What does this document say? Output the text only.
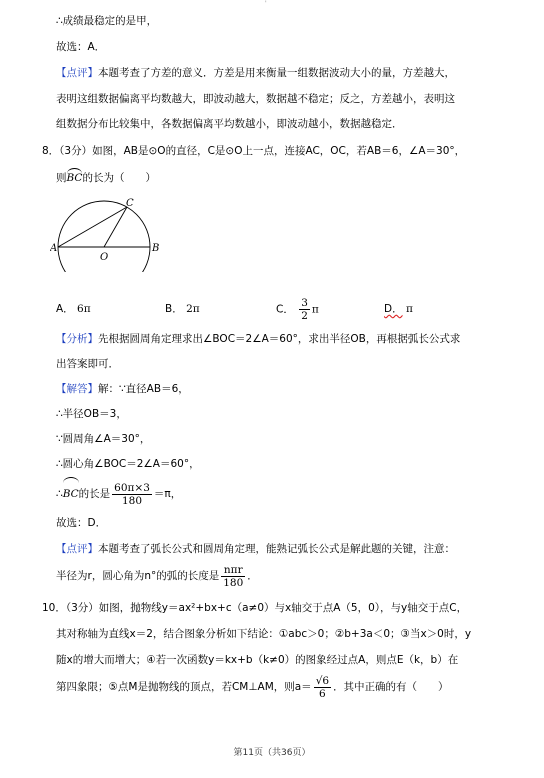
'
∴成绩最稳定的是甲，
故选：A．
【点评】本题考查了方差的意义．方差是用来衡量一组数据波动大小的量，方差越大，
表明这组数据偏离平均数越大，即波动越大，数据越不稳定；反之，方差越小，表明这
组数据分布比较集中，各数据偏离平均数越小，即波动越小，数据越稳定．
8．（3分）如图，AB是⊙O的直径，C是⊙O上一点，连接AC，OC，若AB＝6，∠A＝30°，
则BC的长为（　　）
A	B
C
O
A． 6π	B． 2π	C． $\frac{3}{2}$ π	D． π
【分析】先根据圆周角定理求出∠BOC＝2∠A＝60°，求出半径OB，再根据弧长公式求
出答案即可．
【解答】解：∵直径AB＝6，
∴半径OB＝3，
∵圆周角∠A＝30°，
∴圆心角∠BOC＝2∠A＝60°，
∴BC的长是 $\frac{60\pi\times 3}{180} =\pi$，
故选：D．
【点评】本题考查了弧长公式和圆周角定理，能熟记弧长公式是解此题的关键，注意：
半径为r，圆心角为n°的弧的长度是 $\frac{\text{nπr}}{180}$ ．
10．（3分）如图，抛物线y＝ax²+bx+c（a≠0）与x轴交于点A（5，0），与y轴交于点C，
其对称轴为直线x＝2，结合图象分析如下结论：①abc＞0；②b+3a＜0；③当x＞0时，y
随x的增大而增大；④若一次函数y＝kx+b（k≠0）的图象经过点A，则点E（k，b）在
第四象限；⑤点M是抛物线的顶点，若CM⊥AM，则$a= \frac{√6}{6}$ ．其中正确的有（　　）
第11页（共36页）
